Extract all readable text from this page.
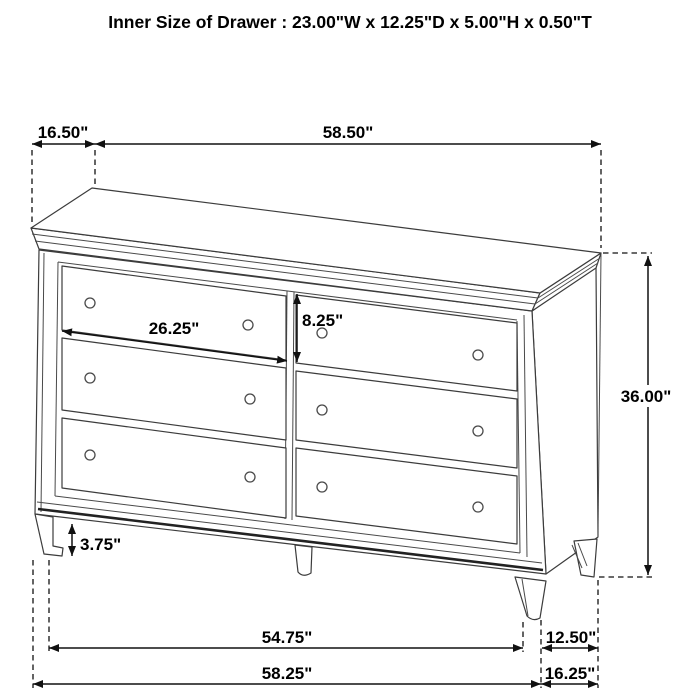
Inner Size of Drawer : 23.00"W x 12.25"D x 5.00"H x 0.50"T
16.50"	58.50"
36.00"
26.25"	8.25"
3.75"
54.75"	12.50"
58.25"	16.25"
